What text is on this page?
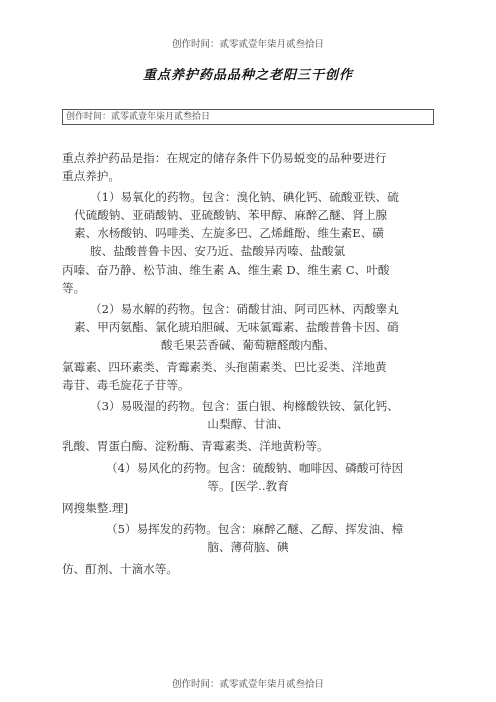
创作时间：贰零贰壹年柒月贰叁拾日
重点养护药品品种之老阳三干创作
创作时间：贰零贰壹年柒月贰叁拾日
重点养护药品是指：在规定的储存条件下仍易蜕变的品种要进行
重点养护。
（1）易氧化的药物。包含：溴化钠、碘化钙、硫酸亚铁、硫
代硫酸钠、亚硝酸钠、亚硫酸钠、苯甲醇、麻醉乙醚、肾上腺
素、水杨酸钠、吗啡类、左旋多巴、乙烯雌酚、维生素E、磺
胺、盐酸普鲁卡因、安乃近、盐酸异丙嗪、盐酸氯
丙嗪、奋乃静、松节油、维生素 A、维生素 D、维生素 C、叶酸
等。
（2）易水解的药物。包含：硝酸甘油、阿司匹林、丙酸睾丸
素、甲丙氨酯、氯化琥珀胆碱、无味氯霉素、盐酸普鲁卡因、硝
酸毛果芸香碱、葡萄糖醛酸内酯、
氯霉素、四环素类、青霉素类、头孢菌素类、巴比妥类、洋地黄
毒苷、毒毛旋花子苷等。
（3）易吸湿的药物。包含：蛋白银、枸橼酸铁铵、氯化钙、
山梨醇、甘油、
乳酸、胃蛋白酶、淀粉酶、青霉素类、洋地黄粉等。
（4）易风化的药物。包含：硫酸钠、咖啡因、磷酸可待因
等。[医学..教育
网搜集整.理]
（5）易挥发的药物。包含：麻醉乙醚、乙醇、挥发油、樟
脑、薄荷脑、碘
仿、酊剂、十滴水等。
创作时间：贰零贰壹年柒月贰叁拾日
